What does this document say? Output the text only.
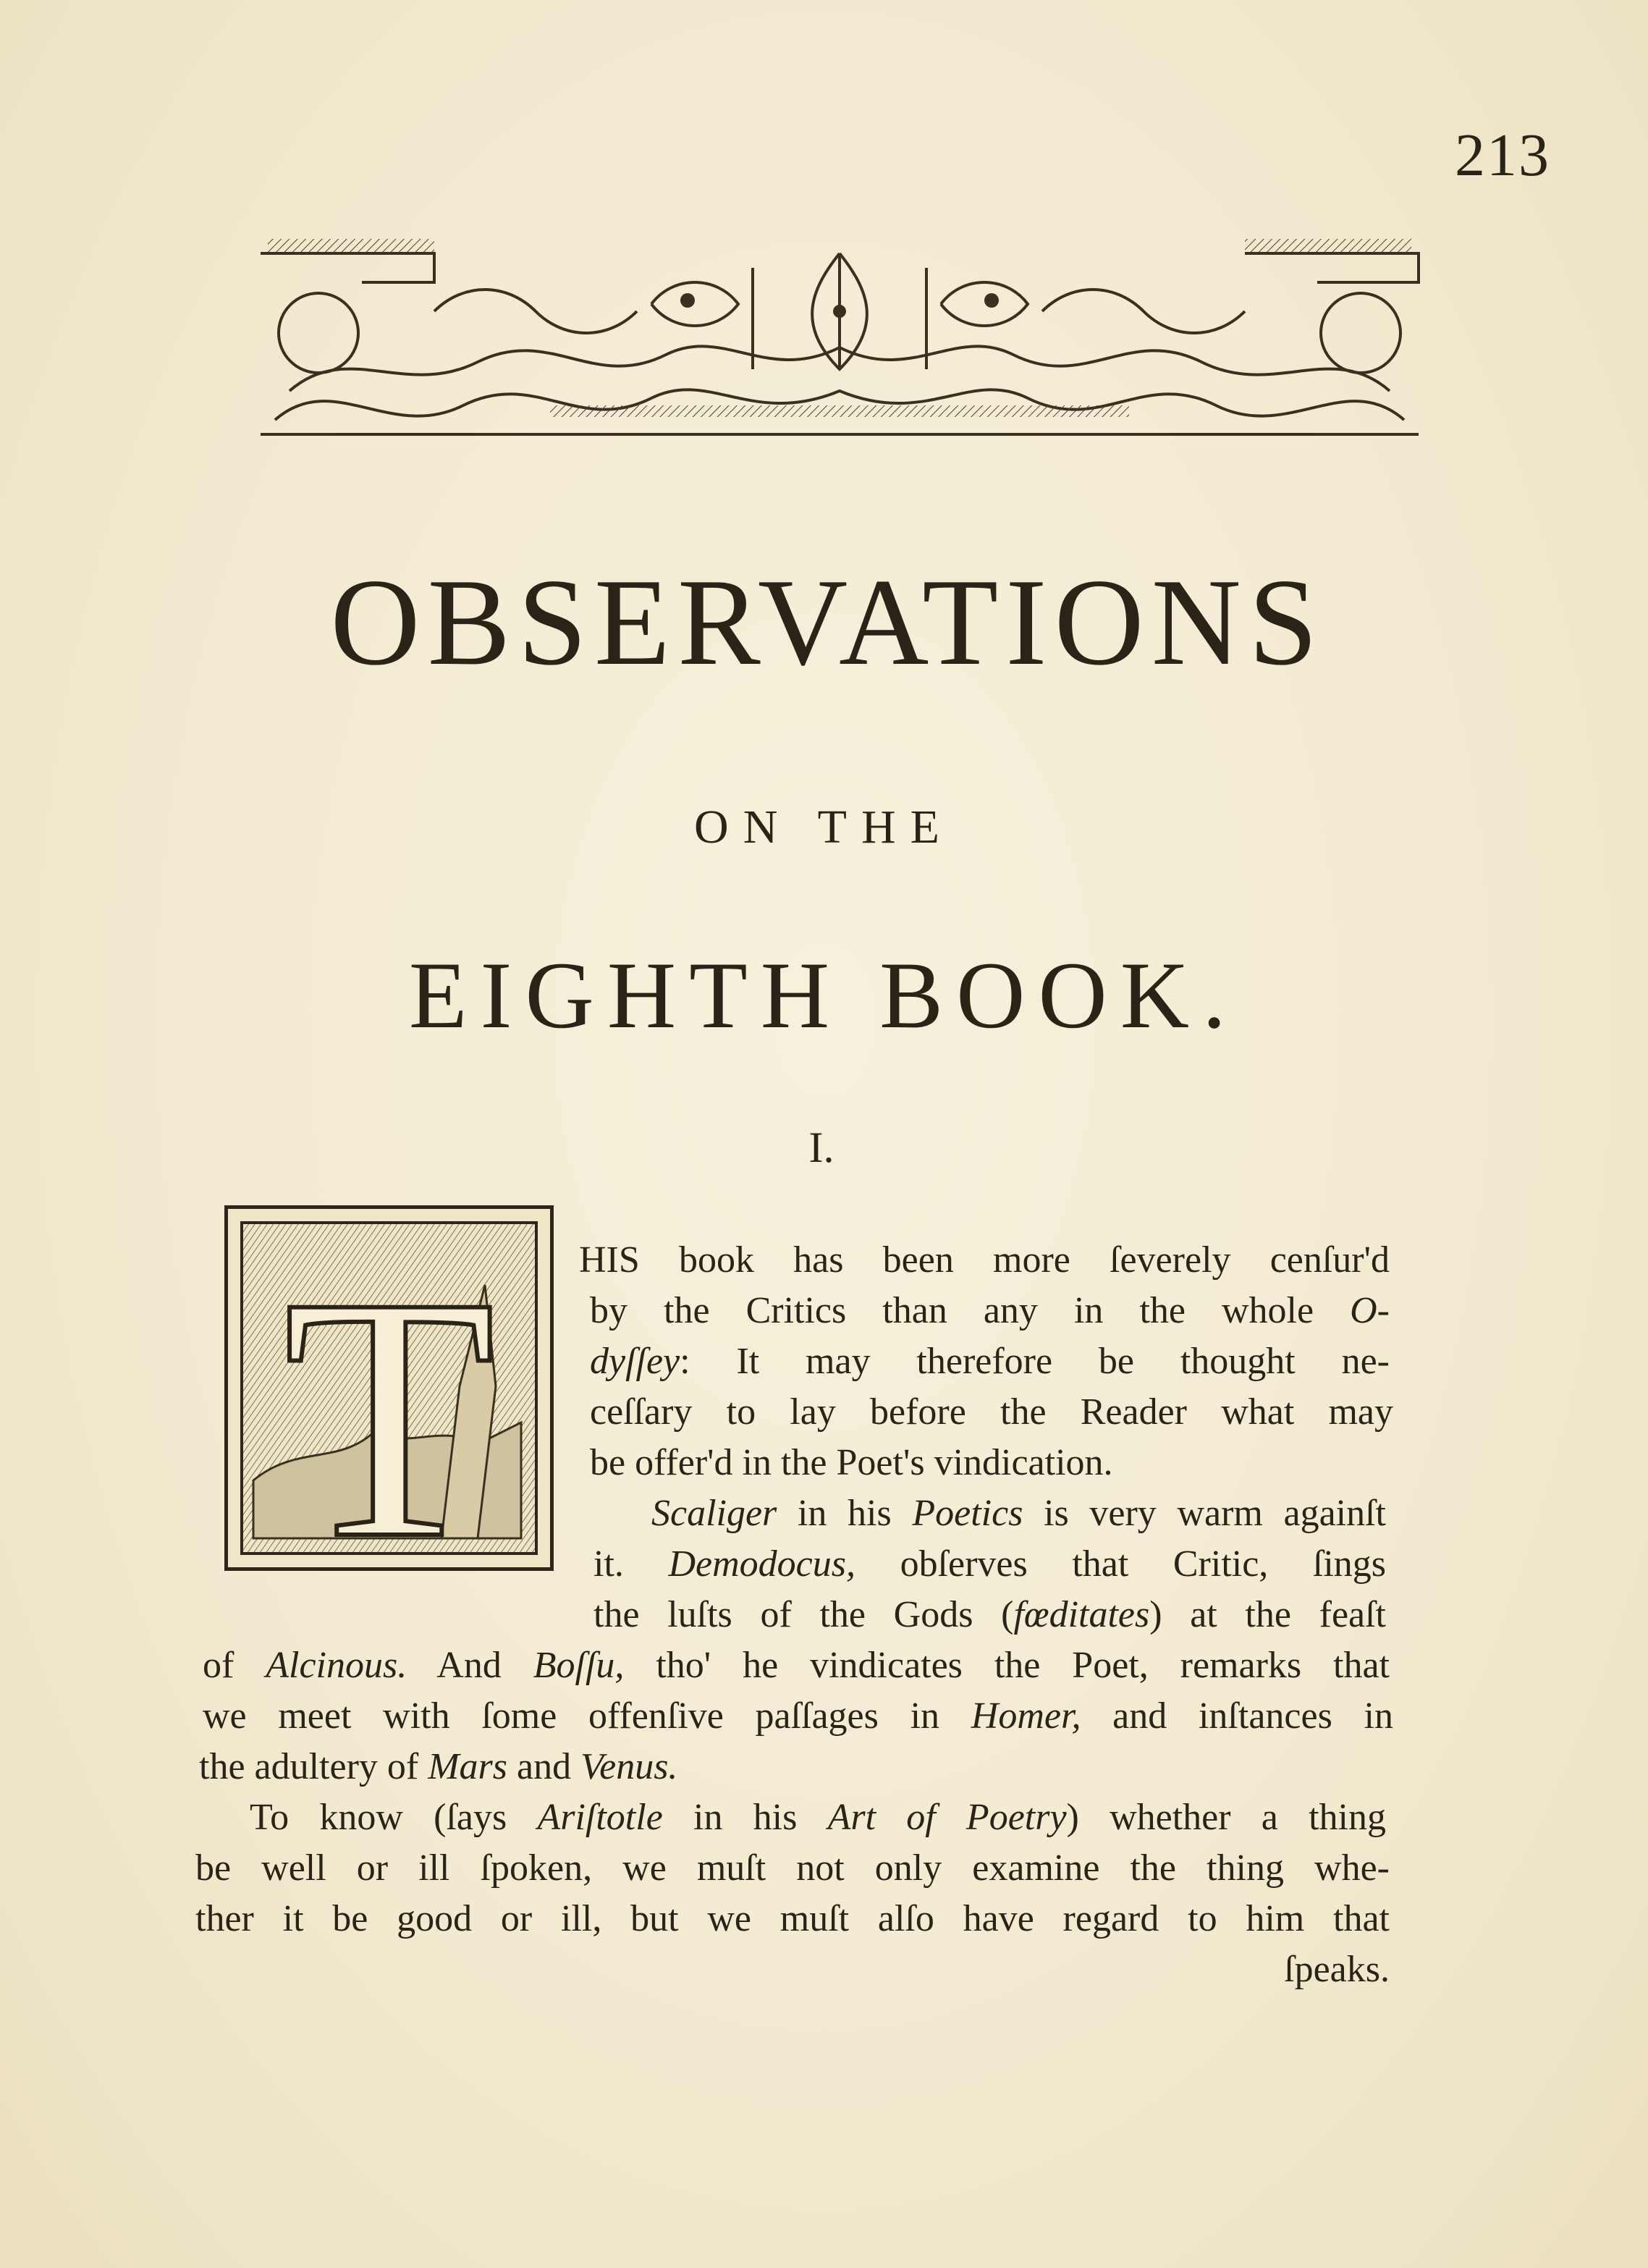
213
OBSERVATIONS
ON THE
EIGHTH BOOK.
I.
T HIS book has been more ſeverely cenſur'd
by the Critics than any in the whole O-
dyſſey: It may therefore be thought ne-
ceſſary to lay before the Reader what may
be offer'd in the Poet's vindication.
Scaliger in his Poetics is very warm againſt
it. Demodocus, obſerves that Critic, ſings
the luſts of the Gods (fœditates) at the feaſt
of Alcinous. And Boſſu, tho' he vindicates the Poet, remarks that
we meet with ſome offenſive paſſages in Homer, and inſtances in
the adultery of Mars and Venus.
To know (ſays Ariſtotle in his Art of Poetry) whether a thing
be well or ill ſpoken, we muſt not only examine the thing whe-
ther it be good or ill, but we muſt alſo have regard to him that
ſpeaks.
